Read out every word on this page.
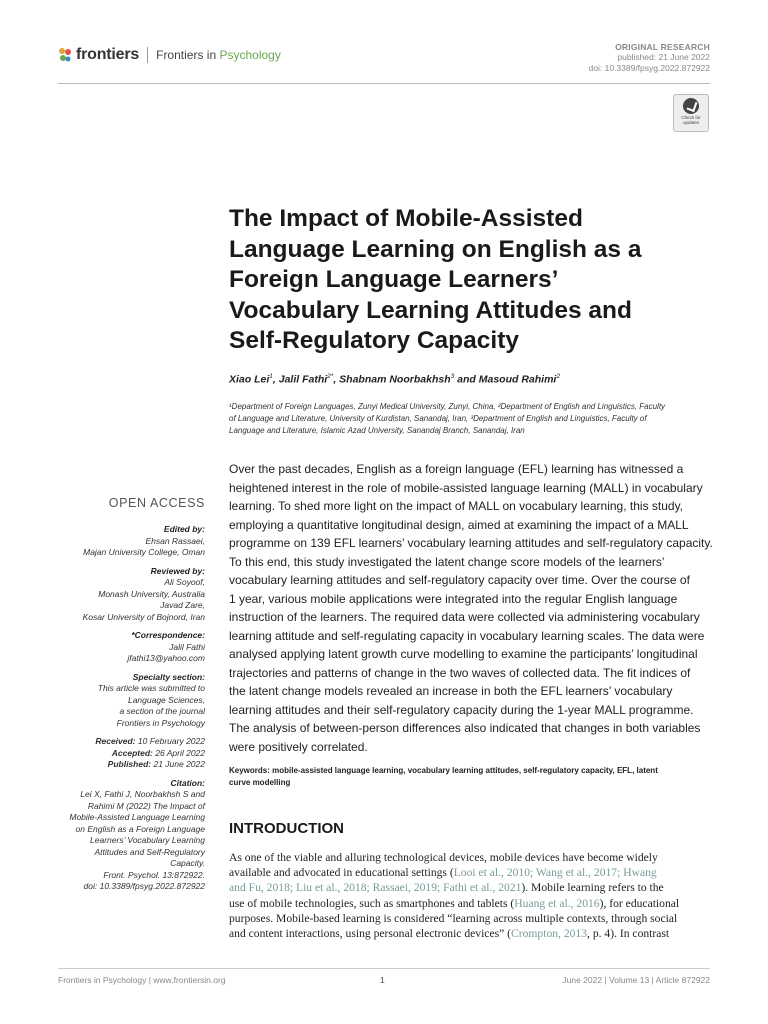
frontiers Frontiers in Psychology
ORIGINAL RESEARCH
published: 21 June 2022
doi: 10.3389/fpsyg.2022.872922
Check for
updates
The Impact of Mobile-Assisted
Language Learning on English as a
Foreign Language Learners’
Vocabulary Learning Attitudes and
Self-Regulatory Capacity
Xiao Lei$^1$, Jalil Fathi$^{2*}$, Shabnam Noorbakhsh$^3$ and Masoud Rahimi$^2$
¹Department of Foreign Languages, Zunyi Medical University, Zunyi, China, ²Department of English and Linguistics, Faculty
of Language and Literature, University of Kurdistan, Sanandaj, Iran, ³Department of English and Linguistics, Faculty of
Language and Literature, Islamic Azad University, Sanandaj Branch, Sanandaj, Iran
Over the past decades, English as a foreign language (EFL) learning has witnessed a
heightened interest in the role of mobile-assisted language learning (MALL) in vocabulary
learning. To shed more light on the impact of MALL on vocabulary learning, this study,
employing a quantitative longitudinal design, aimed at examining the impact of a MALL
programme on 139 EFL learners’ vocabulary learning attitudes and self-regulatory capacity.
To this end, this study investigated the latent change score models of the learners’
vocabulary learning attitudes and self-regulatory capacity over time. Over the course of
1 year, various mobile applications were integrated into the regular English language
instruction of the learners. The required data were collected via administering vocabulary
learning attitude and self-regulating capacity in vocabulary learning scales. The data were
analysed applying latent growth curve modelling to examine the participants’ longitudinal
trajectories and patterns of change in the two waves of collected data. The fit indices of
the latent change models revealed an increase in both the EFL learners’ vocabulary
learning attitudes and their self-regulatory capacity during the 1-year MALL programme.
The analysis of between-person differences also indicated that changes in both variables
were positively correlated.
Keywords: mobile-assisted language learning, vocabulary learning attitudes, self-regulatory capacity, EFL, latent
curve modelling
INTRODUCTION
As one of the viable and alluring technological devices, mobile devices have become widely
available and advocated in educational settings (Looi et al., 2010; Wang et al., 2017; Hwang
and Fu, 2018; Liu et al., 2018; Rassaei, 2019; Fathi et al., 2021). Mobile learning refers to the
use of mobile technologies, such as smartphones and tablets (Huang et al., 2016), for educational
purposes. Mobile-based learning is considered “learning across multiple contexts, through social
and content interactions, using personal electronic devices” (Crompton, 2013, p. 4). In contrast
OPEN ACCESS
Edited by:
Ehsan Rassaei,
Majan University College, Oman
Reviewed by:
Ali Soyoof,
Monash University, Australia
Javad Zare,
Kosar University of Bojnord, Iran
*Correspondence:
Jalil Fathi
jfathi13@yahoo.com
Specialty section:
This article was submitted to
Language Sciences,
a section of the journal
Frontiers in Psychology
Received: 10 February 2022
Accepted: 26 April 2022
Published: 21 June 2022
Citation:
Lei X, Fathi J, Noorbakhsh S and
Rahimi M (2022) The Impact of
Mobile-Assisted Language Learning
on English as a Foreign Language
Learners’ Vocabulary Learning
Attitudes and Self-Regulatory
Capacity.
Front. Psychol. 13:872922.
doi: 10.3389/fpsyg.2022.872922
Frontiers in Psychology | www.frontiersin.org	1	June 2022 | Volume 13 | Article 872922
